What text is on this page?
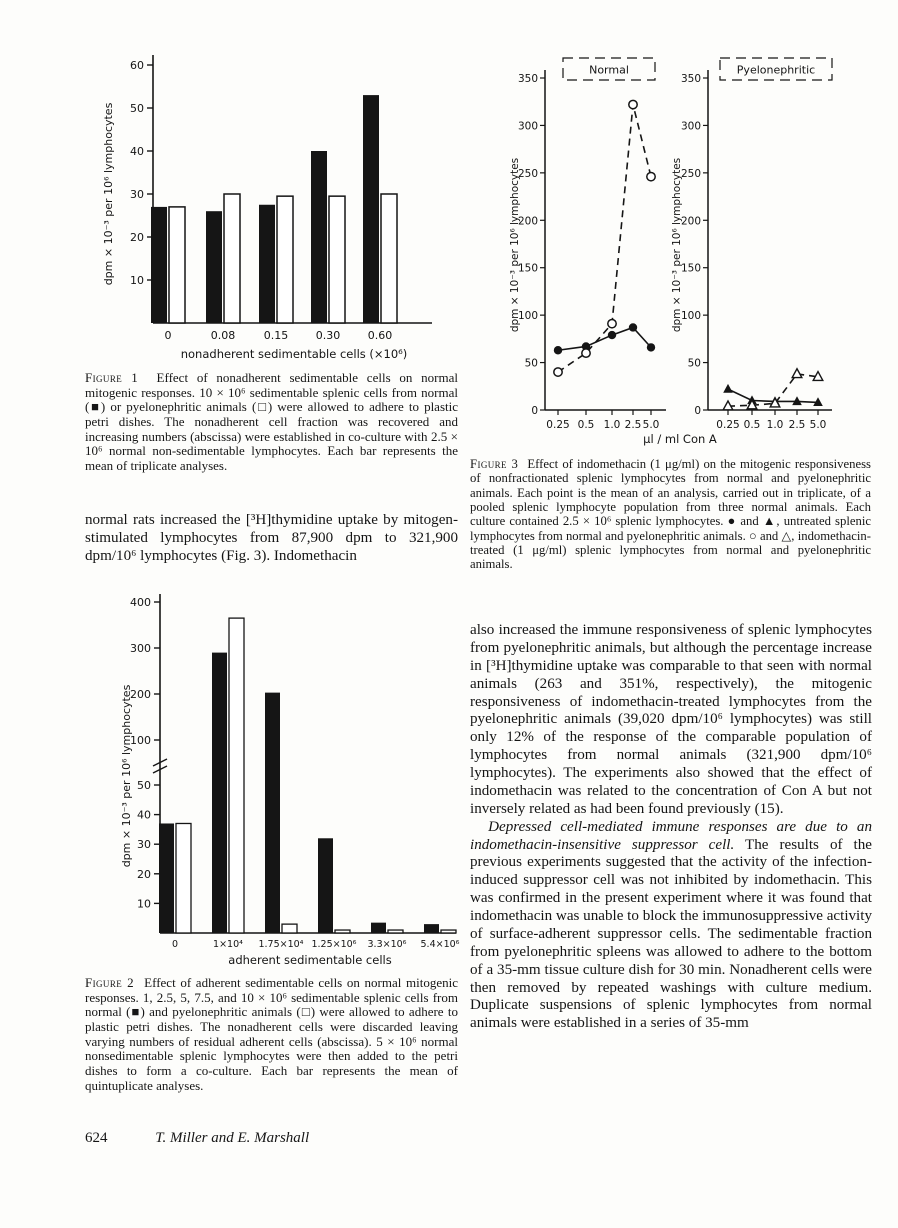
10
20
30
40
50
60
0	0.08	0.15	0.30	0.60
nonadherent sedimentable cells (×10⁶)
dpm × 10⁻³ per 10⁶ lymphocytes
Figure 1 Effect of nonadherent sedimentable cells on normal mitogenic responses. 10 × 10⁶ sedimentable splenic cells from normal (■) or pyelonephritic animals (□) were allowed to adhere to plastic petri dishes. The nonadherent cell fraction was recovered and increasing numbers (abscissa) were established in co-culture with 2.5 × 10⁶ normal non-sedimentable lymphocytes. Each bar represents the mean of triplicate analyses.

normal rats increased the [³H]thymidine uptake by mitogen-stimulated lymphocytes from 87,900 dpm to 321,900 dpm/10⁶ lymphocytes (Fig. 3). Indomethacin

10
20
30
40
50
100
200
300
400
0	1×10⁴ 1.75×10⁴ 1.25×10⁶ 3.3×10⁶ 5.4×10⁶
adherent sedimentable cells
dpm × 10⁻³ per 10⁶ lymphocytes
Figure 2 Effect of adherent sedimentable cells on normal mitogenic responses. 1, 2.5, 5, 7.5, and 10 × 10⁶ sedimentable splenic cells from normal (■) and pyelonephritic animals (□) were allowed to adhere to plastic petri dishes. The nonadherent cells were discarded leaving varying numbers of residual adherent cells (abscissa). 5 × 10⁶ normal nonsedimentable splenic lymphocytes were then added to the petri dishes to form a co-culture. Each bar represents the mean of quintuplicate analyses.
624	T. Miller and E. Marshall
0
50
100
150
200
250
300
350
0.25 0.5 1.0 2.5 5.0
Normal
dpm × 10⁻³ per 10⁶ lymphocytes
0
50
100
150
200
250
300
350
0.25 0.5 1.0 2.5 5.0
Pyelonephritic
dpm × 10⁻³ per 10⁶ lymphocytes
μl / ml Con A
Figure 3 Effect of indomethacin (1 μg/ml) on the mitogenic responsiveness of nonfractionated splenic lymphocytes from normal and pyelonephritic animals. Each point is the mean of an analysis, carried out in triplicate, of a pooled splenic lymphocyte population from three normal animals. Each culture contained 2.5 × 10⁶ splenic lymphocytes. ● and ▲, untreated splenic lymphocytes from normal and pyelonephritic animals. ○ and △, indomethacin-treated (1 μg/ml) splenic lymphocytes from normal and pyelonephritic animals.

also increased the immune responsiveness of splenic lymphocytes from pyelonephritic animals, but although the percentage increase in [³H]thymidine uptake was comparable to that seen with normal animals (263 and 351%, respectively), the mitogenic responsiveness of indomethacin-treated lymphocytes from the pyelonephritic animals (39,020 dpm/10⁶ lymphocytes) was still only 12% of the response of the comparable population of lymphocytes from normal animals (321,900 dpm/10⁶ lymphocytes). The experiments also showed that the effect of indomethacin was related to the concentration of Con A but not inversely related as had been found previously (15).

Depressed cell-mediated immune responses are due to an indomethacin-insensitive suppressor cell. The results of the previous experiments suggested that the activity of the infection-induced suppressor cell was not inhibited by indomethacin. This was confirmed in the present experiment where it was found that indomethacin was unable to block the immunosuppressive activity of surface-adherent suppressor cells. The sedimentable fraction from pyelonephritic spleens was allowed to adhere to the bottom of a 35-mm tissue culture dish for 30 min. Nonadherent cells were then removed by repeated washings with culture medium. Duplicate suspensions of splenic lymphocytes from normal animals were established in a series of 35-mm
